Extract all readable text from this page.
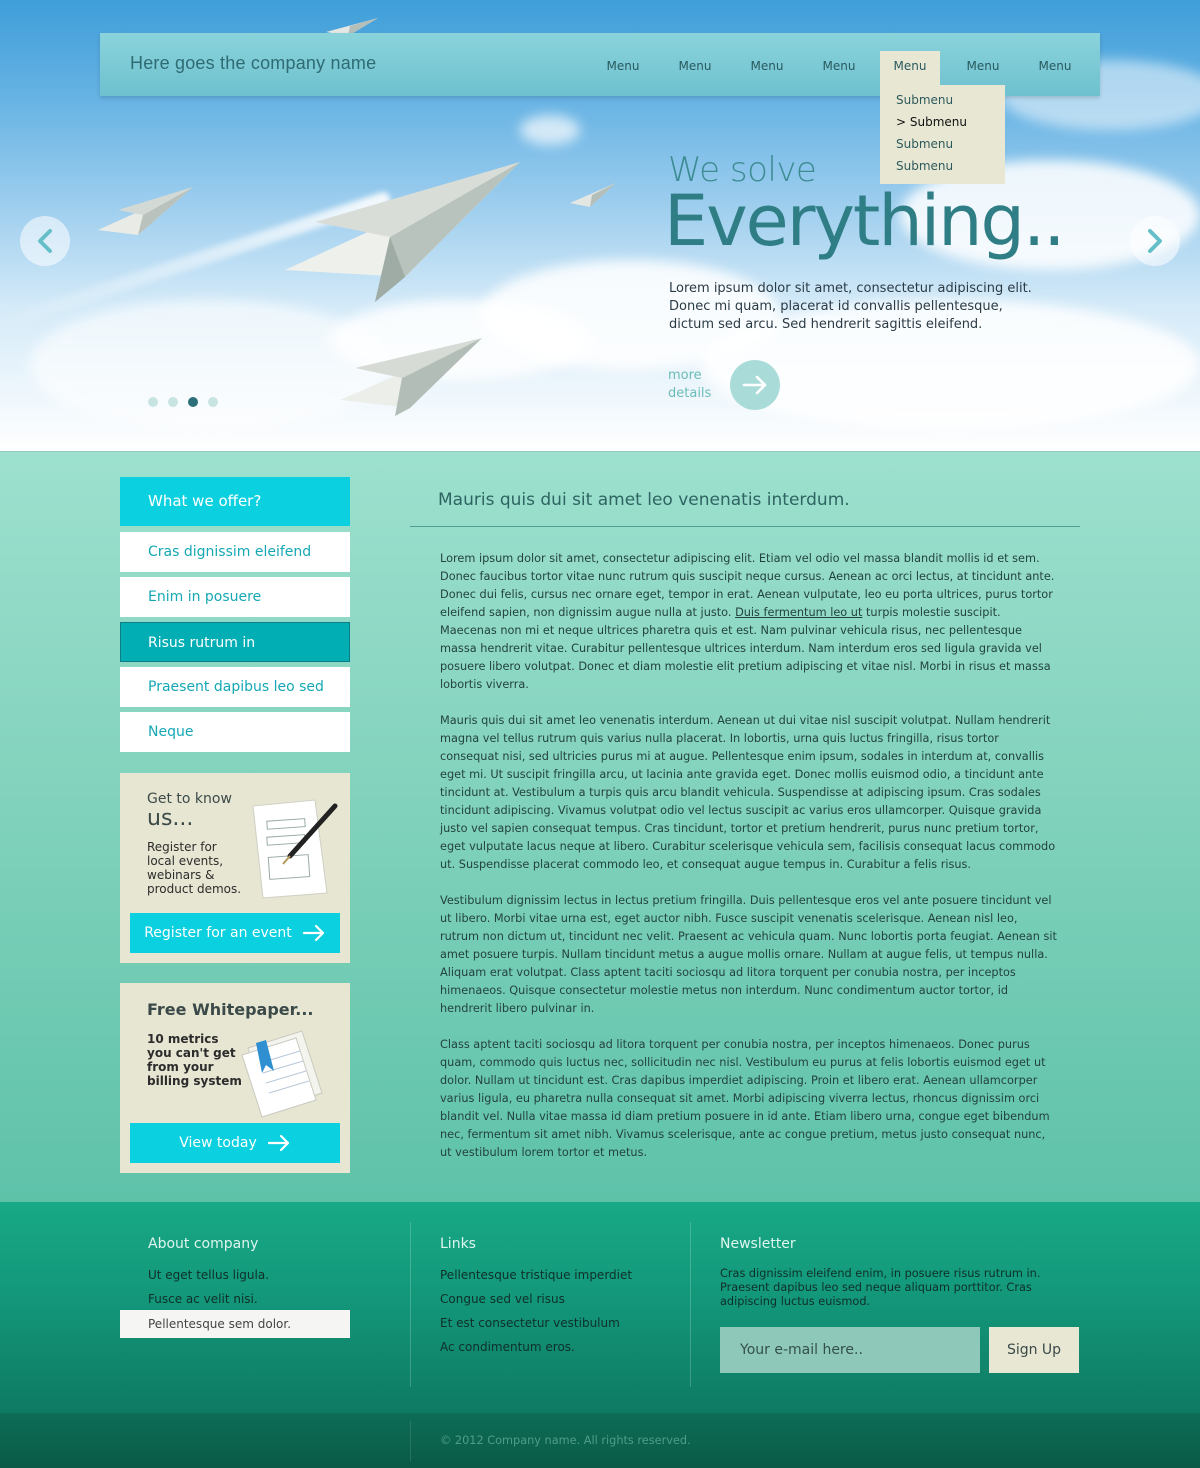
Here goes the company name	Menu	Menu	Menu	Menu	Menu	Menu	Menu
Submenu
> Submenu
Submenu
Submenu
We solve
Everything..
Lorem ipsum dolor sit amet, consectetur adipiscing elit. Donec mi quam, placerat id convallis pellentesque, dictum sed arcu. Sed hendrerit sagittis eleifend.
more
details
What we offer?
Cras dignissim eleifend
Enim in posuere
Risus rutrum in
Praesent dapibus leo sed
Neque
Get to know
us...
Register for local events, webinars & product demos.
Register for an event
Free Whitepaper...
10 metrics you can't get from your billing system
View today
Mauris quis dui sit amet leo venenatis interdum.

Lorem ipsum dolor sit amet, consectetur adipiscing elit. Etiam vel odio vel massa blandit mollis id et sem. Donec faucibus tortor vitae nunc rutrum quis suscipit neque cursus. Aenean ac orci lectus, at tincidunt ante. Donec dui felis, cursus nec ornare eget, tempor in erat. Aenean vulputate, leo eu porta ultrices, purus tortor eleifend sapien, non dignissim augue nulla at justo. Duis fermentum leo ut turpis molestie suscipit. Maecenas non mi et neque ultrices pharetra quis et est. Nam pulvinar vehicula risus, nec pellentesque massa hendrerit vitae. Curabitur pellentesque ultrices interdum. Nam interdum eros sed ligula gravida vel posuere libero volutpat. Donec et diam molestie elit pretium adipiscing et vitae nisl. Morbi in risus et massa lobortis viverra.

Mauris quis dui sit amet leo venenatis interdum. Aenean ut dui vitae nisl suscipit volutpat. Nullam hendrerit magna vel tellus rutrum quis varius nulla placerat. In lobortis, urna quis luctus fringilla, risus tortor consequat nisi, sed ultricies purus mi at augue. Pellentesque enim ipsum, sodales in interdum at, convallis eget mi. Ut suscipit fringilla arcu, ut lacinia ante gravida eget. Donec mollis euismod odio, a tincidunt ante tincidunt at. Vestibulum a turpis quis arcu blandit vehicula. Suspendisse at adipiscing ipsum. Cras sodales tincidunt adipiscing. Vivamus volutpat odio vel lectus suscipit ac varius eros ullamcorper. Quisque gravida justo vel sapien consequat tempus. Cras tincidunt, tortor et pretium hendrerit, purus nunc pretium tortor, eget vulputate lacus neque at libero. Curabitur scelerisque vehicula sem, facilisis consequat lacus commodo ut. Suspendisse placerat commodo leo, et consequat augue tempus in. Curabitur a felis risus.

Vestibulum dignissim lectus in lectus pretium fringilla. Duis pellentesque eros vel ante posuere tincidunt vel ut libero. Morbi vitae urna est, eget auctor nibh. Fusce suscipit venenatis scelerisque. Aenean nisl leo, rutrum non dictum ut, tincidunt nec velit. Praesent ac vehicula quam. Nunc lobortis porta feugiat. Aenean sit amet posuere turpis. Nullam tincidunt metus a augue mollis ornare. Nullam at augue felis, ut tempus nulla. Aliquam erat volutpat. Class aptent taciti sociosqu ad litora torquent per conubia nostra, per inceptos himenaeos. Quisque consectetur molestie metus non interdum. Nunc condimentum auctor tortor, id hendrerit libero pulvinar in.

Class aptent taciti sociosqu ad litora torquent per conubia nostra, per inceptos himenaeos. Donec purus quam, commodo quis luctus nec, sollicitudin nec nisl. Vestibulum eu purus at felis lobortis euismod eget ut dolor. Nullam ut tincidunt est. Cras dapibus imperdiet adipiscing. Proin et libero erat. Aenean ullamcorper varius ligula, eu pharetra nulla consequat sit amet. Morbi adipiscing viverra lectus, rhoncus dignissim orci blandit vel. Nulla vitae massa id diam pretium posuere in id ante. Etiam libero urna, congue eget bibendum nec, fermentum sit amet nibh. Vivamus scelerisque, ante ac congue pretium, metus justo consequat nunc, ut vestibulum lorem tortor et metus.

About company
Ut eget tellus ligula.
Fusce ac velit nisi.
Pellentesque sem dolor.
Links
Pellentesque tristique imperdiet
Congue sed vel risus
Et est consectetur vestibulum
Ac condimentum eros.
Newsletter
Cras dignissim eleifend enim, in posuere risus rutrum in. Praesent dapibus leo sed neque aliquam porttitor. Cras adipiscing luctus euismod.
Your e-mail here..
Sign Up
© 2012 Company name. All rights reserved.
